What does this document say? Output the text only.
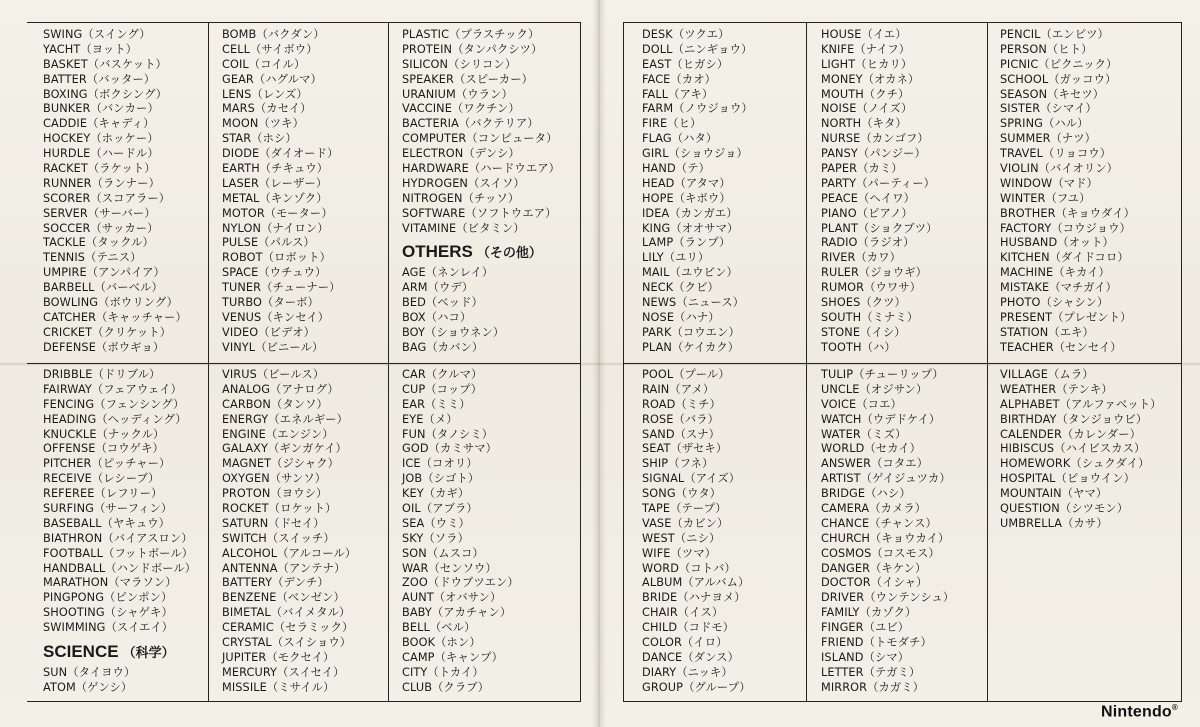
SWING（スイング）
YACHT（ヨット）
BASKET（バスケット）
BATTER（バッター）
BOXING（ボクシング）
BUNKER（バンカー）
CADDIE（キャディ）
HOCKEY（ホッケー）
HURDLE（ハードル）
RACKET（ラケット）
RUNNER（ランナー）
SCORER（スコアラー）
SERVER（サーバー）
SOCCER（サッカー）
TACKLE（タックル）
TENNIS（テニス）
UMPIRE（アンパイア）
BARBELL（バーベル）
BOWLING（ボウリング）
CATCHER（キャッチャー）
CRICKET（クリケット）
DEFENSE（ボウギョ）
DRIBBLE（ドリブル）
FAIRWAY（フェアウェイ）
FENCING（フェンシング）
HEADING（ヘッディング）
KNUCKLE（ナックル）
OFFENSE（コウゲキ）
PITCHER（ピッチャー）
RECEIVE（レシーブ）
REFEREE（レフリー）
SURFING（サーフィン）
BASEBALL（ヤキュウ）
BIATHRON（バイアスロン）
FOOTBALL（フットボール）
HANDBALL（ハンドボール）
MARATHON（マラソン）
PINGPONG（ピンポン）
SHOOTING（シャゲキ）
SWIMMING（スイエイ）
SCIENCE （科学）
SUN（タイヨウ）
ATOM（ゲンシ）
BOMB（バクダン）
CELL（サイボウ）
COIL（コイル）
GEAR（ハグルマ）
LENS（レンズ）
MARS（カセイ）
MOON（ツキ）
STAR（ホシ）
DIODE（ダイオード）
EARTH（チキュウ）
LASER（レーザー）
METAL（キンゾク）
MOTOR（モーター）
NYLON（ナイロン）
PULSE（パルス）
ROBOT（ロボット）
SPACE（ウチュウ）
TUNER（チューナー）
TURBO（ターボ）
VENUS（キンセイ）
VIDEO（ビデオ）
VINYL（ビニール）
VIRUS（ビールス）
ANALOG（アナログ）
CARBON（タンソ）
ENERGY（エネルギー）
ENGINE（エンジン）
GALAXY（ギンガケイ）
MAGNET（ジシャク）
OXYGEN（サンソ）
PROTON（ヨウシ）
ROCKET（ロケット）
SATURN（ドセイ）
SWITCH（スイッチ）
ALCOHOL（アルコール）
ANTENNA（アンテナ）
BATTERY（デンチ）
BENZENE（ベンゼン）
BIMETAL（バイメタル）
CERAMIC（セラミック）
CRYSTAL（スイショウ）
JUPITER（モクセイ）
MERCURY（スイセイ）
MISSILE（ミサイル）
PLASTIC（プラスチック）
PROTEIN（タンパクシツ）
SILICON（シリコン）
SPEAKER（スピーカー）
URANIUM（ウラン）
VACCINE（ワクチン）
BACTERIA（バクテリア）
COMPUTER（コンピュータ）
ELECTRON（デンシ）
HARDWARE（ハードウエア）
HYDROGEN（スイソ）
NITROGEN（チッソ）
SOFTWARE（ソフトウエア）
VITAMINE（ビタミン）
OTHERS （その他）
AGE（ネンレイ）
ARM（ウデ）
BED（ベッド）
BOX（ハコ）
BOY（ショウネン）
BAG（カバン）
CAR（クルマ）
CUP（コップ）
EAR（ミミ）
EYE（メ）
FUN（タノシミ）
GOD（カミサマ）
ICE（コオリ）
JOB（シゴト）
KEY（カギ）
OIL（アブラ）
SEA（ウミ）
SKY（ソラ）
SON（ムスコ）
WAR（センソウ）
ZOO（ドウブツエン）
AUNT（オバサン）
BABY（アカチャン）
BELL（ベル）
BOOK（ホン）
CAMP（キャンプ）
CITY（トカイ）
CLUB（クラブ）
DESK（ツクエ）
DOLL（ニンギョウ）
EAST（ヒガシ）
FACE（カオ）
FALL（アキ）
FARM（ノウジョウ）
FIRE（ヒ）
FLAG（ハタ）
GIRL（ショウジョ）
HAND（テ）
HEAD（アタマ）
HOPE（キボウ）
IDEA（カンガエ）
KING（オオサマ）
LAMP（ランプ）
LILY（ユリ）
MAIL（ユウビン）
NECK（クビ）
NEWS（ニュース）
NOSE（ハナ）
PARK（コウエン）
PLAN（ケイカク）
POOL（プール）
RAIN（アメ）
ROAD（ミチ）
ROSE（バラ）
SAND（スナ）
SEAT（ザセキ）
SHIP（フネ）
SIGNAL（アイズ）
SONG（ウタ）
TAPE（テープ）
VASE（カビン）
WEST（ニシ）
WIFE（ツマ）
WORD（コトバ）
ALBUM（アルバム）
BRIDE（ハナヨメ）
CHAIR（イス）
CHILD（コドモ）
COLOR（イロ）
DANCE（ダンス）
DIARY（ニッキ）
GROUP（グループ）
HOUSE（イエ）
KNIFE（ナイフ）
LIGHT（ヒカリ）
MONEY（オカネ）
MOUTH（クチ）
NOISE（ノイズ）
NORTH（キタ）
NURSE（カンゴフ）
PANSY（パンジー）
PAPER（カミ）
PARTY（パーティー）
PEACE（ヘイワ）
PIANO（ピアノ）
PLANT（ショクブツ）
RADIO（ラジオ）
RIVER（カワ）
RULER（ジョウギ）
RUMOR（ウワサ）
SHOES（クツ）
SOUTH（ミナミ）
STONE（イシ）
TOOTH（ハ）
TULIP（チューリップ）
UNCLE（オジサン）
VOICE（コエ）
WATCH（ウデドケイ）
WATER（ミズ）
WORLD（セカイ）
ANSWER（コタエ）
ARTIST（ゲイジュツカ）
BRIDGE（ハシ）
CAMERA（カメラ）
CHANCE（チャンス）
CHURCH（キョウカイ）
COSMOS（コスモス）
DANGER（キケン）
DOCTOR（イシャ）
DRIVER（ウンテンシュ）
FAMILY（カゾク）
FINGER（ユビ）
FRIEND（トモダチ）
ISLAND（シマ）
LETTER（テガミ）
MIRROR（カガミ）
PENCIL（エンピツ）
PERSON（ヒト）
PICNIC（ピクニック）
SCHOOL（ガッコウ）
SEASON（キセツ）
SISTER（シマイ）
SPRING（ハル）
SUMMER（ナツ）
TRAVEL（リョコウ）
VIOLIN（バイオリン）
WINDOW（マド）
WINTER（フユ）
BROTHER（キョウダイ）
FACTORY（コウジョウ）
HUSBAND（オット）
KITCHEN（ダイドコロ）
MACHINE（キカイ）
MISTAKE（マチガイ）
PHOTO（シャシン）
PRESENT（プレゼント）
STATION（エキ）
TEACHER（センセイ）
VILLAGE（ムラ）
WEATHER（テンキ）
ALPHABET（アルファベット）
BIRTHDAY（タンジョウビ）
CALENDER（カレンダー）
HIBISCUS（ハイビスカス）
HOMEWORK（シュクダイ）
HOSPITAL（ビョウイン）
MOUNTAIN（ヤマ）
QUESTION（シツモン）
UMBRELLA（カサ）
Nintendo®
